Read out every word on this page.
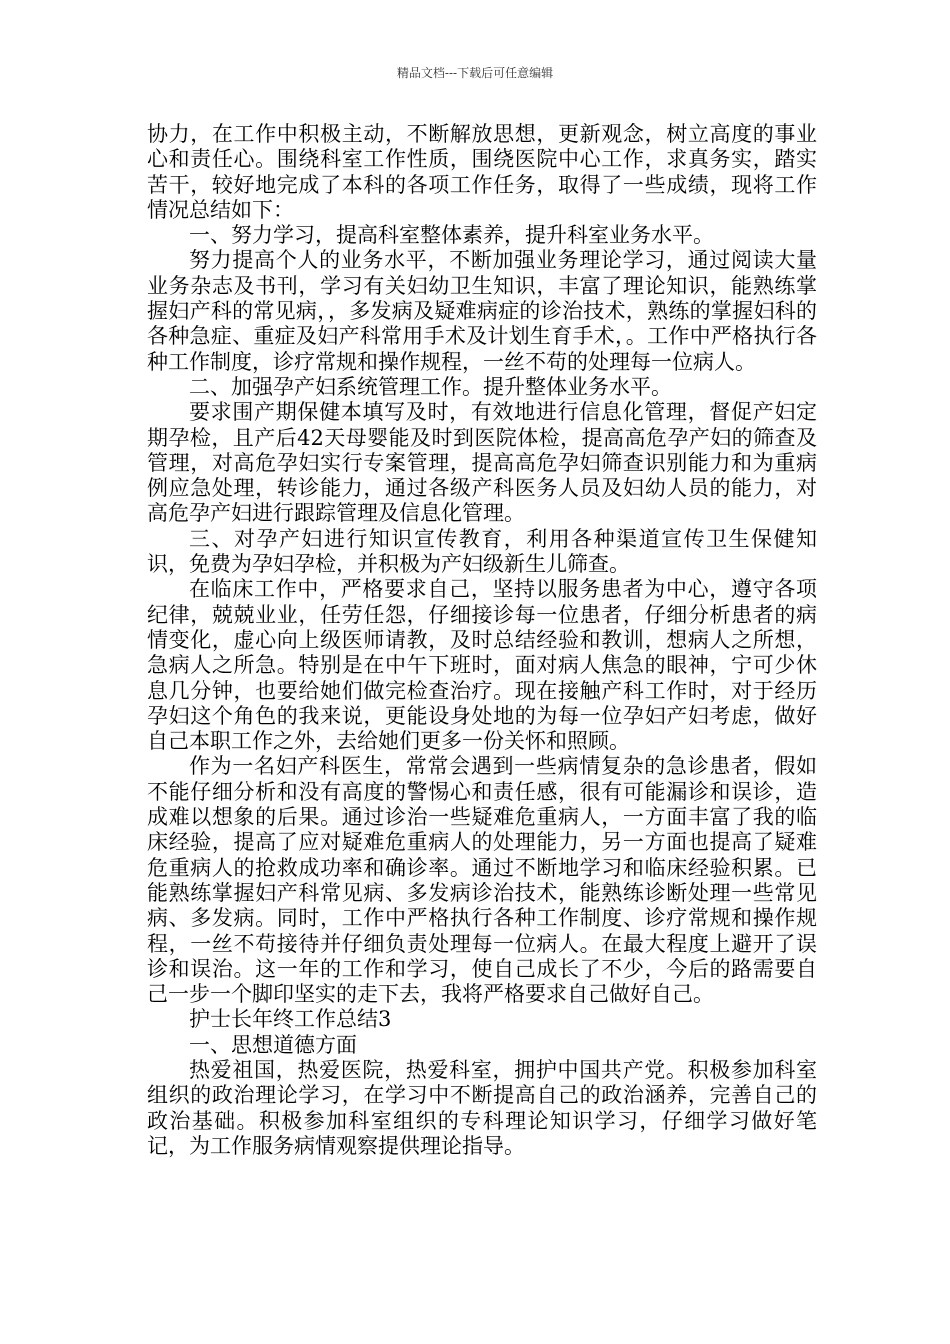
精品文档---下载后可任意编辑

协力，在工作中积极主动，不断解放思想，更新观念，树立高度的事业心和责任心。围绕科室工作性质，围绕医院中心工作，求真务实，踏实苦干，较好地完成了本科的各项工作任务，取得了一些成绩，现将工作情况总结如下：

一、努力学习，提高科室整体素养，提升科室业务水平。

努力提高个人的业务水平，不断加强业务理论学习，通过阅读大量业务杂志及书刊，学习有关妇幼卫生知识，丰富了理论知识，能熟练掌握妇产科的常见病，，多发病及疑难病症的诊治技术，熟练的掌握妇科的各种急症、重症及妇产科常用手术及计划生育手术，。工作中严格执行各种工作制度，诊疗常规和操作规程，一丝不苟的处理每一位病人。

二、加强孕产妇系统管理工作。提升整体业务水平。

要求围产期保健本填写及时，有效地进行信息化管理，督促产妇定期孕检，且产后42天母婴能及时到医院体检，提高高危孕产妇的筛查及管理，对高危孕妇实行专案管理，提高高危孕妇筛查识别能力和为重病例应急处理，转诊能力，通过各级产科医务人员及妇幼人员的能力，对高危孕产妇进行跟踪管理及信息化管理。

三、对孕产妇进行知识宣传教育，利用各种渠道宣传卫生保健知识，免费为孕妇孕检，并积极为产妇级新生儿筛查。

在临床工作中，严格要求自己，坚持以服务患者为中心，遵守各项纪律，兢兢业业，任劳任怨，仔细接诊每一位患者，仔细分析患者的病情变化，虚心向上级医师请教，及时总结经验和教训，想病人之所想，急病人之所急。特别是在中午下班时，面对病人焦急的眼神，宁可少休息几分钟，也要给她们做完检查治疗。现在接触产科工作时，对于经历孕妇这个角色的我来说，更能设身处地的为每一位孕妇产妇考虑，做好自己本职工作之外，去给她们更多一份关怀和照顾。

作为一名妇产科医生，常常会遇到一些病情复杂的急诊患者，假如不能仔细分析和没有高度的警惕心和责任感，很有可能漏诊和误诊，造成难以想象的后果。通过诊治一些疑难危重病人，一方面丰富了我的临床经验，提高了应对疑难危重病人的处理能力，另一方面也提高了疑难危重病人的抢救成功率和确诊率。通过不断地学习和临床经验积累。已能熟练掌握妇产科常见病、多发病诊治技术，能熟练诊断处理一些常见病、多发病。同时，工作中严格执行各种工作制度、诊疗常规和操作规程，一丝不苟接待并仔细负责处理每一位病人。在最大程度上避开了误诊和误治。这一年的工作和学习，使自己成长了不少，今后的路需要自己一步一个脚印坚实的走下去，我将严格要求自己做好自己。

护士长年终工作总结3

一、思想道德方面

热爱祖国，热爱医院，热爱科室，拥护中国共产党。积极参加科室组织的政治理论学习，在学习中不断提高自己的政治涵养，完善自己的政治基础。积极参加科室组织的专科理论知识学习，仔细学习做好笔记，为工作服务病情观察提供理论指导。
